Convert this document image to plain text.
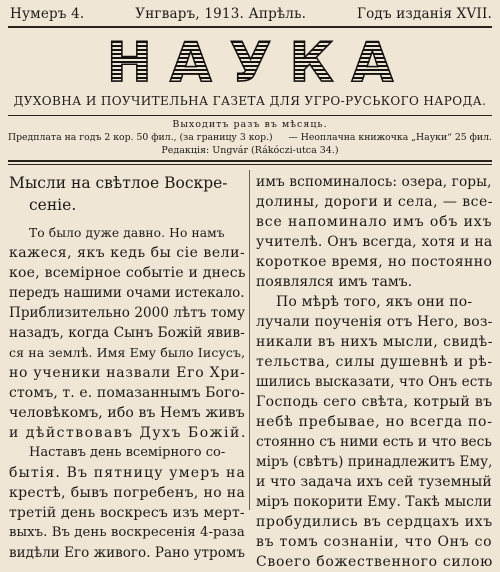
Нумеръ 4.	Унгваръ, 1913. Апрѣль.	Годъ изданія XVII.
НАУКА
ДУХОВНА И ПОУЧИТЕЛЬНА ГАЗЕТА ДЛЯ УГРО-РУСЬКОГО НАРОДА.
Выходитъ разъ въ мѣсяць.
Предплата на годъ 2 кор. 50 фил., (за границу 3 кор.) — Неоплачна книжочка „Науки“ 25 фил.
Редакція: Ungvár (Rákóczi-utca 34.)

Мысли на свѣтлое Воскре-

сеніе.

То было дуже давно. Но намъ

кажеся, якъ кедь бы сіе вели-

кое, всемірное событіе и днесь

передъ нашими очами истекало.

Приблизительно 2000 лѣтъ тому

назадъ, когда Сынъ Божій явив-

ся на землѣ. Имя Ему было Іисусъ,

но ученики назвали Его Хри-

стомъ, т. е. помазаннымъ Бого-

человѣкомъ, ибо въ Немъ живъ

и дѣйствовавъ Духъ Божій.

Наставъ день всемірного со-

бытія. Въ пятницу умеръ на

крестѣ, бывъ погребенъ, но на

третій день воскресъ изъ мерт-

выхъ. Въ день воскресенія 4-раза

видѣли Его живого. Рано утромъ

имъ вспоминалось: озера, горы,

долины, дороги и села, — все-

все напоминало имъ объ ихъ

учителѣ. Онъ всегда, хотя и на

короткое время, но постоянно

появлялся имъ тамъ.

По мѣрѣ того, якъ они по-

лучали поученія отъ Него, воз-

никали въ нихъ мысли, свидѣ-

тельства, силы душевнѣ и рѣ-

шились высказати, что Онъ есть

Господь сего свѣта, котрый въ

небѣ пребывае, но всегда по-

стоянно съ ними есть и что весь

міръ (свѣтъ) принадлежитъ Ему,

и что задача ихъ сей туземный

міръ покорити Ему. Такѣ мысли

пробудились въ сердцахъ ихъ

въ томъ сознаніи, что Онъ со

Своего божественного силою
